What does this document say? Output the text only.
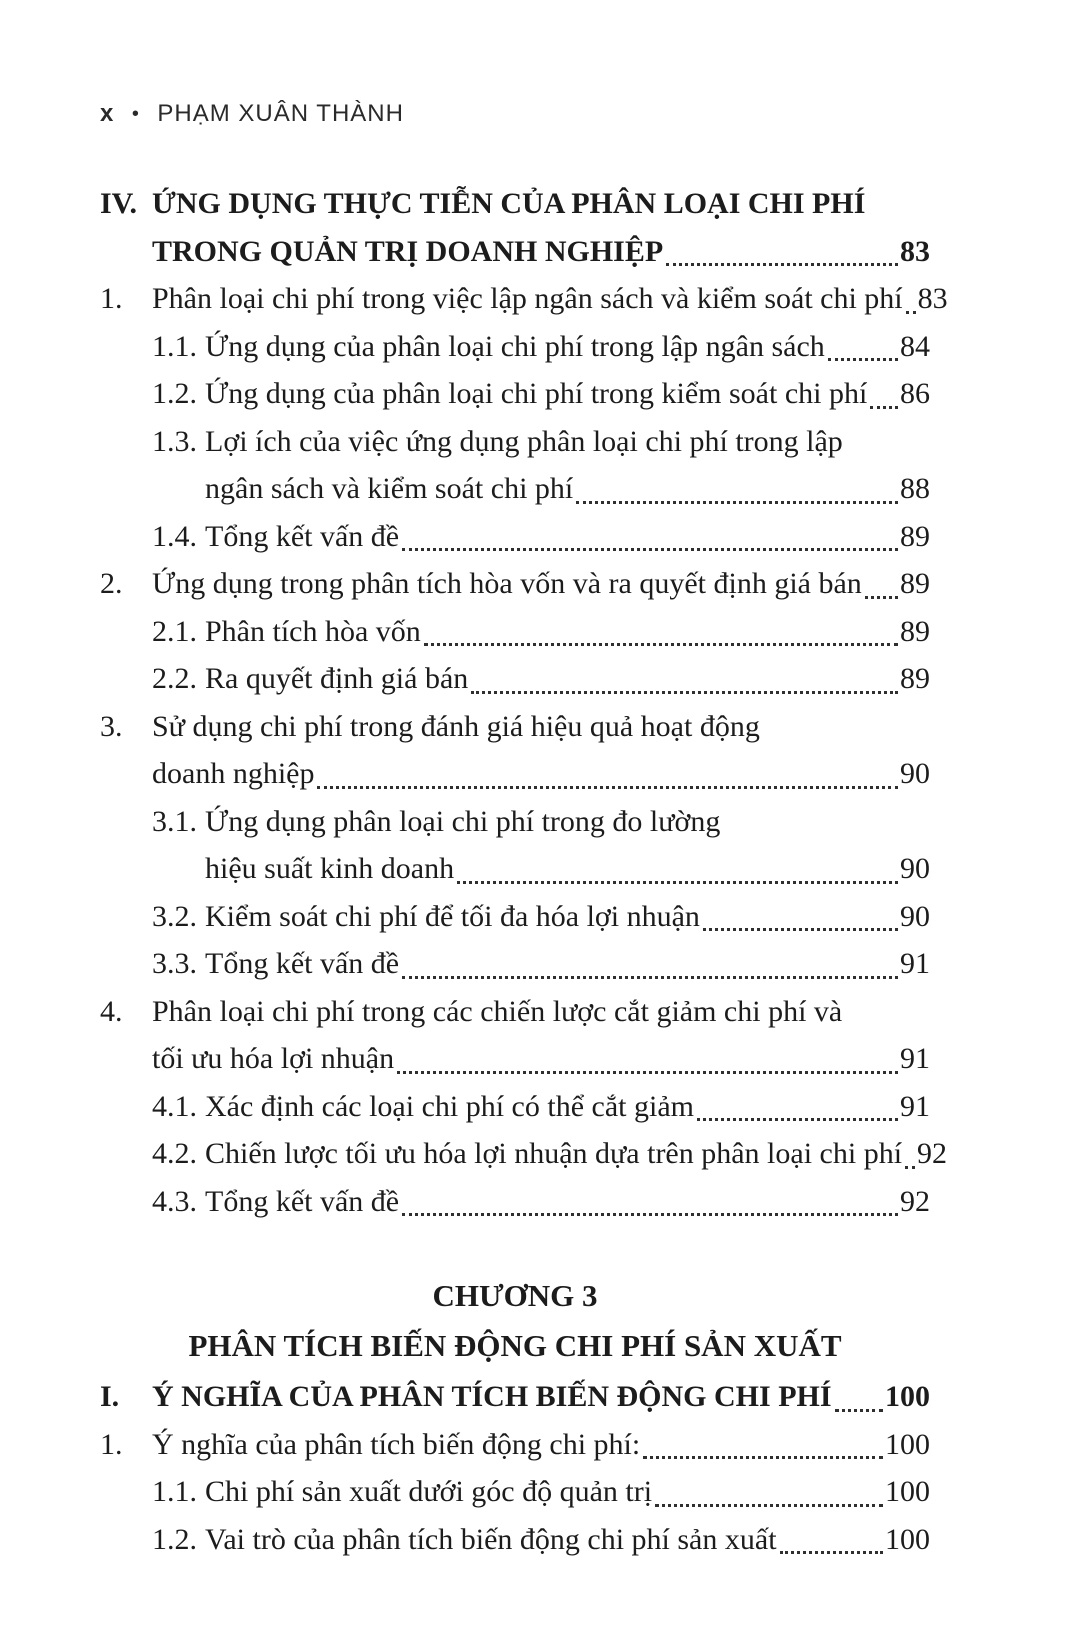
x • PHẠM XUÂN THÀNH
IV. ỨNG DỤNG THỰC TIỄN CỦA PHÂN LOẠI CHI PHÍ
TRONG QUẢN TRỊ DOANH NGHIỆP	83
1. Phân loại chi phí trong việc lập ngân sách và kiểm soát chi phí 83
1.1. Ứng dụng của phân loại chi phí trong lập ngân sách	84
1.2. Ứng dụng của phân loại chi phí trong kiểm soát chi phí 86
1.3. Lợi ích của việc ứng dụng phân loại chi phí trong lập
ngân sách và kiểm soát chi phí	88
1.4. Tổng kết vấn đề	89
2. Ứng dụng trong phân tích hòa vốn và ra quyết định giá bán 89
2.1. Phân tích hòa vốn	89
2.2. Ra quyết định giá bán	89
3. Sử dụng chi phí trong đánh giá hiệu quả hoạt động
doanh nghiệp	90
3.1. Ứng dụng phân loại chi phí trong đo lường
hiệu suất kinh doanh	90
3.2. Kiểm soát chi phí để tối đa hóa lợi nhuận	90
3.3. Tổng kết vấn đề	91
4. Phân loại chi phí trong các chiến lược cắt giảm chi phí và
tối ưu hóa lợi nhuận	91
4.1. Xác định các loại chi phí có thể cắt giảm	91
4.2. Chiến lược tối ưu hóa lợi nhuận dựa trên phân loại chi phí 92
4.3. Tổng kết vấn đề	92
CHƯƠNG 3
PHÂN TÍCH BIẾN ĐỘNG CHI PHÍ SẢN XUẤT
I.	Ý NGHĨA CỦA PHÂN TÍCH BIẾN ĐỘNG CHI PHÍ 100
1. Ý nghĩa của phân tích biến động chi phí:	100
1.1. Chi phí sản xuất dưới góc độ quản trị	100
1.2. Vai trò của phân tích biến động chi phí sản xuất	100
